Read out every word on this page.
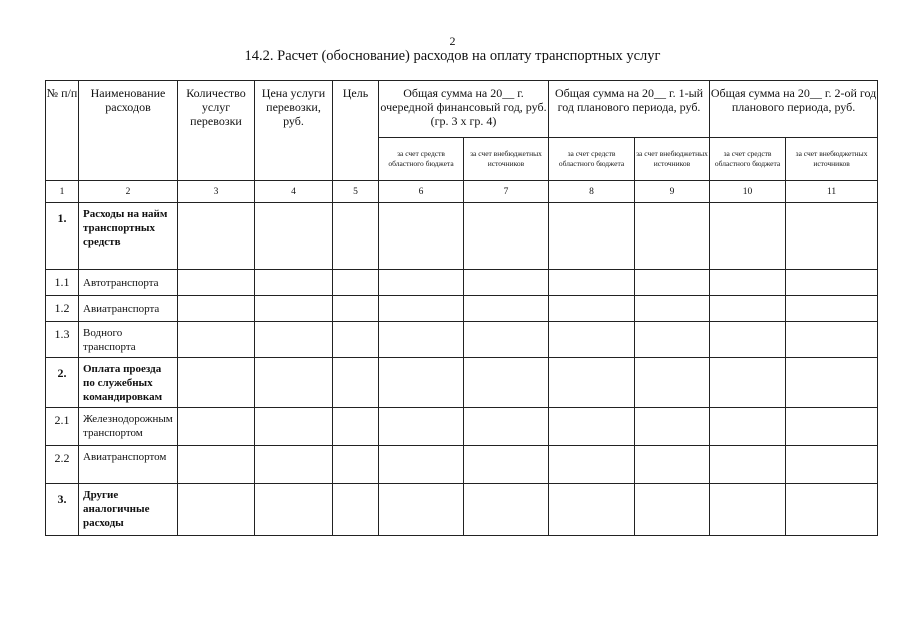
2
14.2. Расчет (обоснование) расходов на оплату транспортных услуг
№ п/п	Наименование расходов	Количество услуг перевозки	Цена услуги перевозки, руб.	Цель	Общая сумма на 20__ г. очередной финансовый год, руб. (гр. 3 х гр. 4)		Общая сумма на 20__ г. 1-ый год планового периода, руб.		Общая сумма на 20__ г. 2-ой год планового периода, руб.	
					за счет средств областного бюджета	за счет внебюджетных источников	за счет средств областного бюджета	за счет внебюджетных источников	за счет средств областного бюджета	за счет внебюджетных источников
1	2	3	4	5	6	7	8	9	10	11
1.	Расходы на найм транспортных средств									
1.1	Автотранспорта									
1.2	Авиатранспорта									
1.3	Водного транспорта									
2.	Оплата проезда по служебных командировкам									
2.1	Железнодорожным транспортом									
2.2	Авиатранспортом									
3.	Другие аналогичные расходы									
